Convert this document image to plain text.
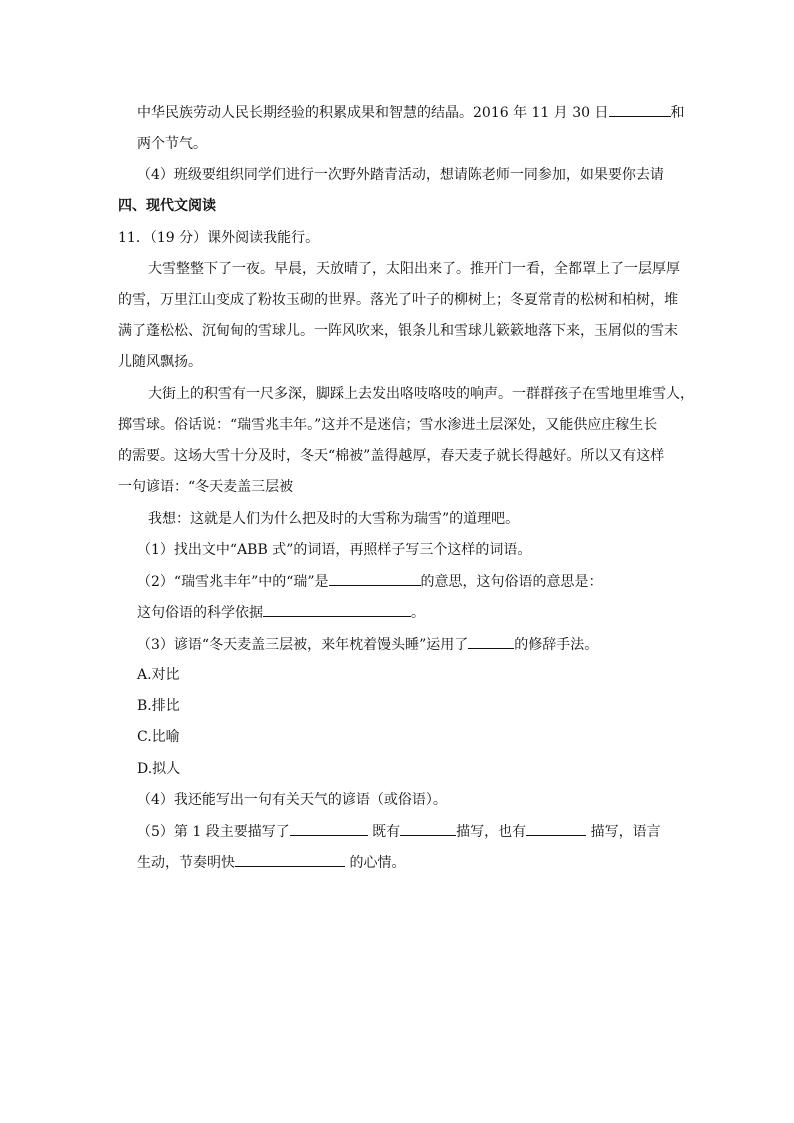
中华民族劳动人民长期经验的积累成果和智慧的结晶。2016 年 11 月 30 日	和
两个节气。
（4）班级要组织同学们进行一次野外踏青活动，想请陈老师一同参加，如果要你去请
四、现代文阅读
11．（19 分）课外阅读我能行。
大雪整整下了一夜。早晨，天放晴了，太阳出来了。推开门一看，全都罩上了一层厚厚
的雪，万里江山变成了粉妆玉砌的世界。落光了叶子的柳树上；冬夏常青的松树和柏树，堆
满了蓬松松、沉甸甸的雪球儿。一阵风吹来，银条儿和雪球儿簌簌地落下来，玉屑似的雪末
儿随风飘扬。
大街上的积雪有一尺多深，脚踩上去发出咯吱咯吱的响声。一群群孩子在雪地里堆雪人，
掷雪球。俗话说：“瑞雪兆丰年。”这并不是迷信；雪水渗进土层深处，又能供应庄稼生长
的需要。这场大雪十分及时，冬天“棉被”盖得越厚，春天麦子就长得越好。所以又有这样
一句谚语：“冬天麦盖三层被
我想：这就是人们为什么把及时的大雪称为瑞雪”的道理吧。
（1）找出文中“ABB 式”的词语，再照样子写三个这样的词语。
（2）“瑞雪兆丰年”中的“瑞”是	的意思，这句俗语的意思是：
这句俗语的科学依据	。
（3）谚语“冬天麦盖三层被，来年枕着馒头睡”运用了	的修辞手法。
A.对比
B.排比
C.比喻
D.拟人
（4）我还能写出一句有关天气的谚语（或俗语）。
（5）第 1 段主要描写了	既有	描写，也有	描写，语言
生动，节奏明快	的心情。
